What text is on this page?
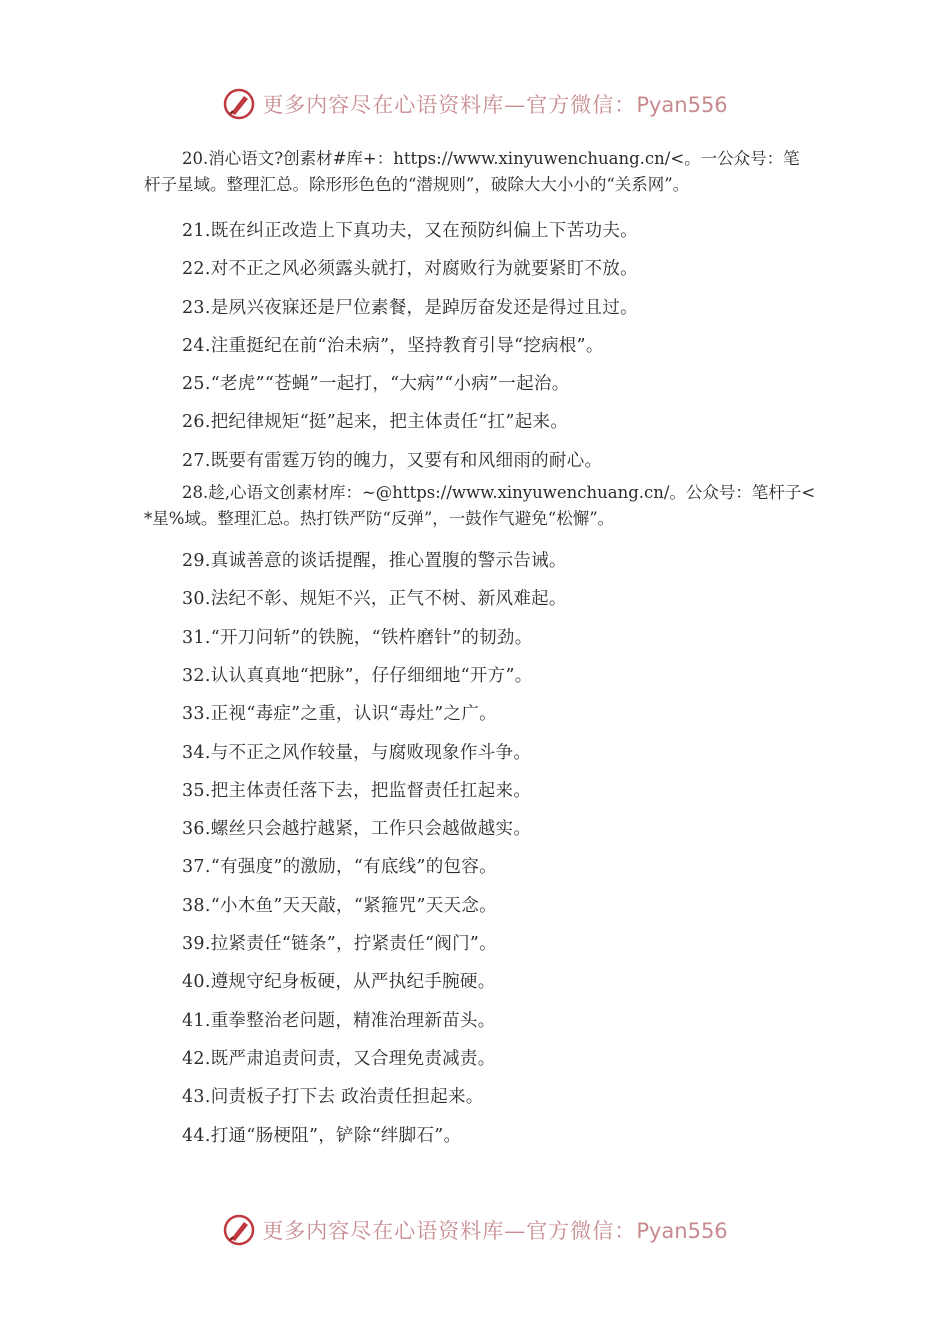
更多内容尽在心语资料库—官方微信：Pyan556

20.消心语文?创素材#库+：https://www.xinyuwenchuang.cn/<。一公众号：笔杆子星域。整理汇总。除形形色色的“潜规则”，破除大大小小的“关系网”。

21.既在纠正改造上下真功夫，又在预防纠偏上下苦功夫。
22.对不正之风必须露头就打，对腐败行为就要紧盯不放。
23.是夙兴夜寐还是尸位素餐，是踔厉奋发还是得过且过。
24.注重挺纪在前“治未病”，坚持教育引导“挖病根”。
25.“老虎”“苍蝇”一起打，“大病”“小病”一起治。
26.把纪律规矩“挺”起来，把主体责任“扛”起来。
27.既要有雷霆万钧的魄力，又要有和风细雨的耐心。

28.趁,心语文创素材库：~@https://www.xinyuwenchuang.cn/。公众号：笔杆子<*星%域。整理汇总。热打铁严防“反弹”，一鼓作气避免“松懈”。

29.真诚善意的谈话提醒，推心置腹的警示告诫。
30.法纪不彰、规矩不兴，正气不树、新风难起。
31.“开刀问斩”的铁腕，“铁杵磨针”的韧劲。
32.认认真真地“把脉”，仔仔细细地“开方”。
33.正视“毒症”之重，认识“毒灶”之广。
34.与不正之风作较量，与腐败现象作斗争。
35.把主体责任落下去，把监督责任扛起来。
36.螺丝只会越拧越紧，工作只会越做越实。
37.“有强度”的激励，“有底线”的包容。
38.“小木鱼”天天敲，“紧箍咒”天天念。
39.拉紧责任“链条”，拧紧责任“阀门”。
40.遵规守纪身板硬，从严执纪手腕硬。
41.重拳整治老问题，精准治理新苗头。
42.既严肃追责问责，又合理免责减责。
43.问责板子打下去 政治责任担起来。
44.打通“肠梗阻”，铲除“绊脚石”。
更多内容尽在心语资料库—官方微信：Pyan556
